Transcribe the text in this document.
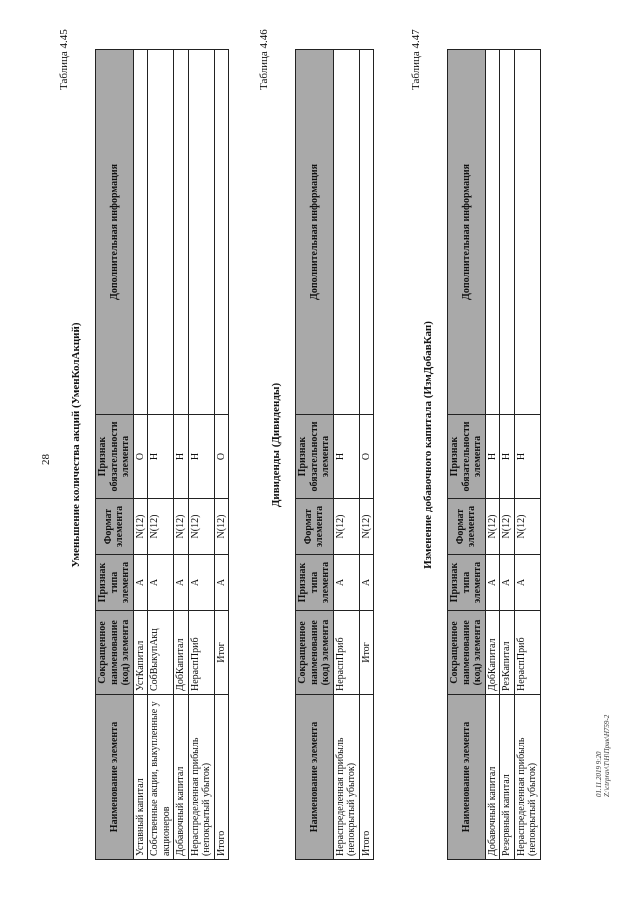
28
Таблица 4.45
Уменьшение количества акций (УменКолАкций)
Наименование элемента	Сокращенное наименование (код) элемента	Признак типа элемента	Формат элемента	Признак обязательности элемента	Дополнительная информация
Уставный капитал	УстКапитал	А	N(12)	О	
Собственные акции, выкупленные у акционеров	СобВыкупАкц	А	N(12)	Н	
Добавочный капитал	ДобКапитал	А	N(12)	Н	
Нераспределенная прибыль (непокрытый убыток)	НераспПриб	А	N(12)	Н	
Итого	Итог	А	N(12)	О	
Таблица 4.46
Дивиденды (Дивиденды)
Наименование элемента	Сокращенное наименование (код) элемента	Признак типа элемента	Формат элемента	Признак обязательности элемента	Дополнительная информация
Нераспределенная прибыль (непокрытый убыток)	НераспПриб	А	N(12)	Н	
Итого	Итог	А	N(12)	О	
Таблица 4.47
Изменение добавочного капитала (ИзмДобавКап)
Наименование элемента	Сокращенное наименование (код) элемента	Признак типа элемента	Формат элемента	Признак обязательности элемента	Дополнительная информация
Добавочный капитал	ДобКапитал	А	N(12)	Н	
Резервный капитал	РезКапитал	А	N(12)	Н	
Нераспределенная прибыль (непокрытый убыток)	НераспПриб	А	N(12)	Н	
01.11.2019 9:20 Z:\ctrprav\Т\Н\Прик\Н759-2
